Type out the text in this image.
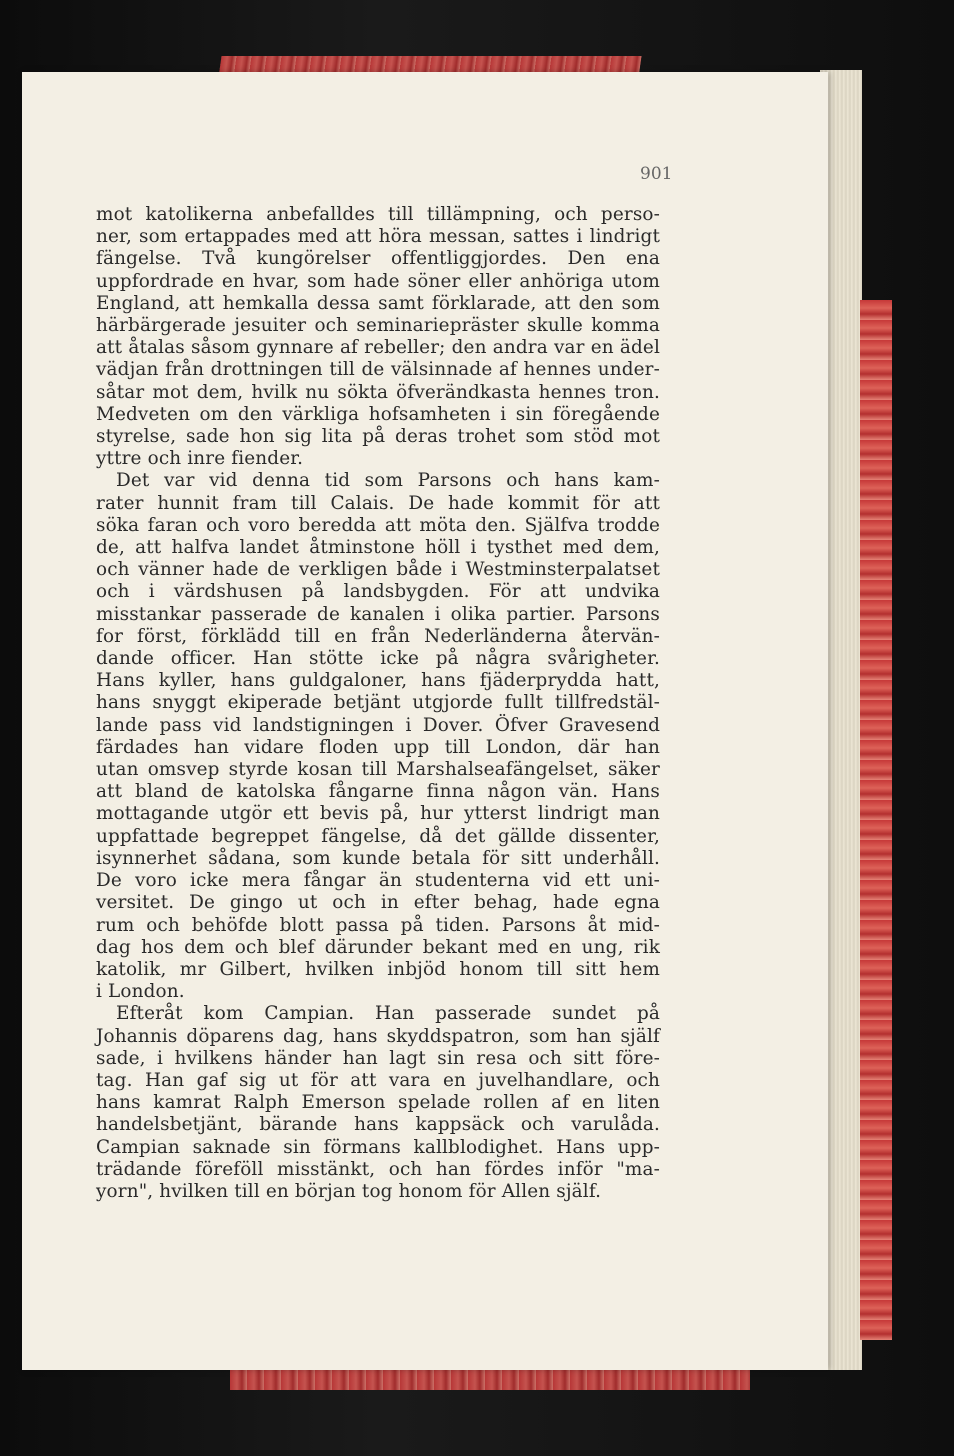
901
mot katolikerna anbefalldes till tillämpning, och perso-
ner, som ertappades med att höra messan, sattes i lindrigt
fängelse. Två kungörelser offentliggjordes. Den ena
uppfordrade en hvar, som hade söner eller anhöriga utom
England, att hemkalla dessa samt förklarade, att den som
härbärgerade jesuiter och seminariepräster skulle komma
att åtalas såsom gynnare af rebeller; den andra var en ädel
vädjan från drottningen till de välsinnade af hennes under-
såtar mot dem, hvilk nu sökta öfverändkasta hennes tron.
Medveten om den värkliga hofsamheten i sin föregående
styrelse, sade hon sig lita på deras trohet som stöd mot
yttre och inre fiender.
Det var vid denna tid som Parsons och hans kam-
rater hunnit fram till Calais. De hade kommit för att
söka faran och voro beredda att möta den. Själfva trodde
de, att halfva landet åtminstone höll i tysthet med dem,
och vänner hade de verkligen både i Westminsterpalatset
och i värdshusen på landsbygden. För att undvika
misstankar passerade de kanalen i olika partier. Parsons
for först, förklädd till en från Nederländerna återvän-
dande officer. Han stötte icke på några svårigheter.
Hans kyller, hans guldgaloner, hans fjäderprydda hatt,
hans snyggt ekiperade betjänt utgjorde fullt tillfredstäl-
lande pass vid landstigningen i Dover. Öfver Gravesend
färdades han vidare floden upp till London, där han
utan omsvep styrde kosan till Marshalseafängelset, säker
att bland de katolska fångarne finna någon vän. Hans
mottagande utgör ett bevis på, hur ytterst lindrigt man
uppfattade begreppet fängelse, då det gällde dissenter,
isynnerhet sådana, som kunde betala för sitt underhåll.
De voro icke mera fångar än studenterna vid ett uni-
versitet. De gingo ut och in efter behag, hade egna
rum och behöfde blott passa på tiden. Parsons åt mid-
dag hos dem och blef därunder bekant med en ung, rik
katolik, mr Gilbert, hvilken inbjöd honom till sitt hem
i London.
Efteråt kom Campian. Han passerade sundet på
Johannis döparens dag, hans skyddspatron, som han själf
sade, i hvilkens händer han lagt sin resa och sitt före-
tag. Han gaf sig ut för att vara en juvelhandlare, och
hans kamrat Ralph Emerson spelade rollen af en liten
handelsbetjänt, bärande hans kappsäck och varulåda.
Campian saknade sin förmans kallblodighet. Hans upp-
trädande föreföll misstänkt, och han fördes inför "ma-
yorn", hvilken till en början tog honom för Allen själf.
